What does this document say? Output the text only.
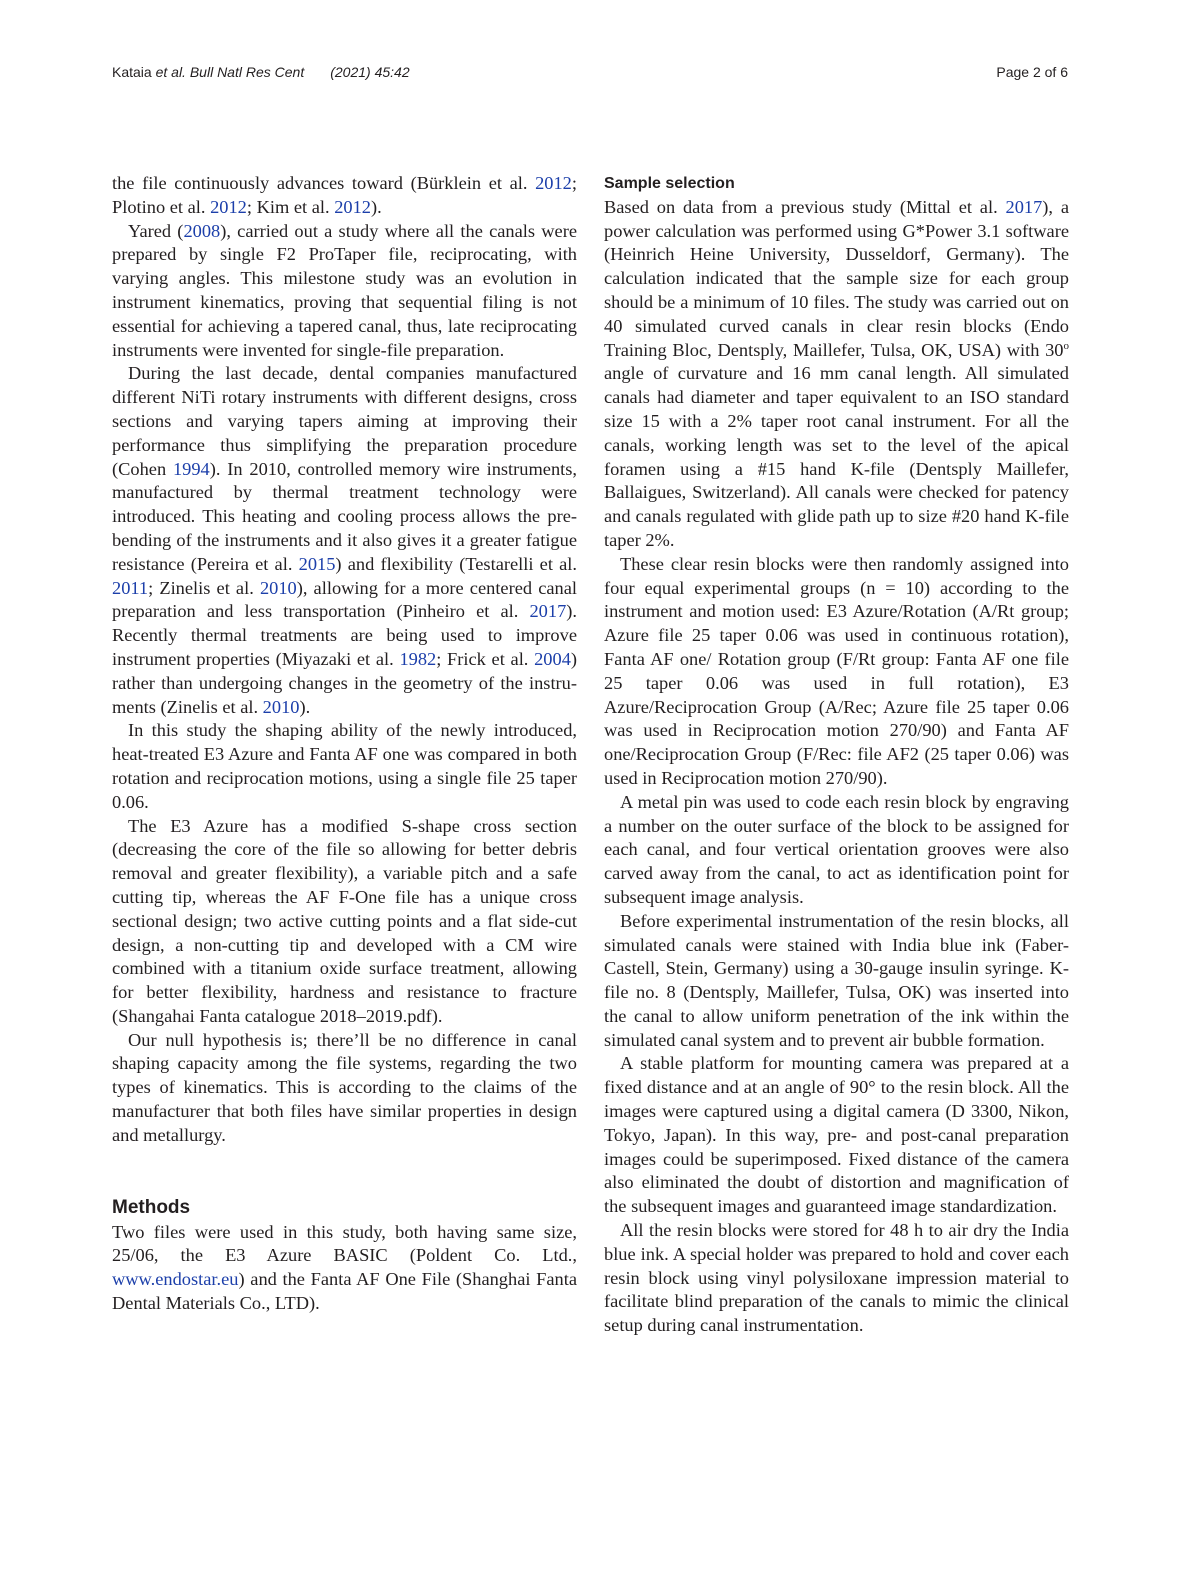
Kataia et al. Bull Natl Res Cent (2021) 45:42	Page 2 of 6

the file continuously advances toward (Bürklein et al. 2012; Plotino et al. 2012; Kim et al. 2012).

Yared (2008), carried out a study where all the canals were prepared by single F2 ProTaper file, reciprocating, with varying angles. This milestone study was an evolution in instrument kinematics, proving that sequential filing is not essential for achieving a tapered canal, thus, late reciprocating instruments were invented for single-file preparation.

During the last decade, dental companies manufactured different NiTi rotary instruments with different designs, cross sections and varying tapers aiming at improving their performance thus simplifying the preparation procedure (Cohen 1994). In 2010, controlled memory wire instruments, manufactured by thermal treatment technology were introduced. This heating and cooling process allows the pre-bending of the instruments and it also gives it a greater fatigue resistance (Pereira et al. 2015) and flexibility (Testarelli et al. 2011; Zinelis et al. 2010), allowing for a more centered canal preparation and less transportation (Pinheiro et al. 2017). Recently thermal treatments are being used to improve instrument properties (Miyazaki et al. 1982; Frick et al. 2004) rather than undergoing changes in the geometry of the instruments (Zinelis et al. 2010).

In this study the shaping ability of the newly introduced, heat-treated E3 Azure and Fanta AF one was compared in both rotation and reciprocation motions, using a single file 25 taper 0.06.

The E3 Azure has a modified S-shape cross section (decreasing the core of the file so allowing for better debris removal and greater flexibility), a variable pitch and a safe cutting tip, whereas the AF F-One file has a unique cross sectional design; two active cutting points and a flat side-cut design, a non-cutting tip and developed with a CM wire combined with a titanium oxide surface treatment, allowing for better flexibility, hardness and resistance to fracture (Shangahai Fanta catalogue 2018–2019.pdf).

Our null hypothesis is; there’ll be no difference in canal shaping capacity among the file systems, regarding the two types of kinematics. This is according to the claims of the manufacturer that both files have similar properties in design and metallurgy.

Methods

Two files were used in this study, both having same size, 25/06, the E3 Azure BASIC (Poldent Co. Ltd., www.endostar.eu) and the Fanta AF One File (Shanghai Fanta Dental Materials Co., LTD).

Sample selection

Based on data from a previous study (Mittal et al. 2017), a power calculation was performed using G*Power 3.1 software (Heinrich Heine University, Dusseldorf, Germany). The calculation indicated that the sample size for each group should be a minimum of 10 files. The study was carried out on 40 simulated curved canals in clear resin blocks (Endo Training Bloc, Dentsply, Maillefer, Tulsa, OK, USA) with 30$^o$ angle of curvature and 16 mm canal length. All simulated canals had diameter and taper equivalent to an ISO standard size 15 with a 2% taper root canal instrument. For all the canals, working length was set to the level of the apical foramen using a #15 hand K-file (Dentsply Maillefer, Ballaigues, Switzerland). All canals were checked for patency and canals regulated with glide path up to size #20 hand K-file taper 2%.

These clear resin blocks were then randomly assigned into four equal experimental groups (n = 10) according to the instrument and motion used: E3 Azure/Rotation (A/Rt group; Azure file 25 taper 0.06 was used in continuous rotation), Fanta AF one/ Rotation group (F/Rt group: Fanta AF one file 25 taper 0.06 was used in full rotation), E3 Azure/Reciprocation Group (A/Rec; Azure file 25 taper 0.06 was used in Reciprocation motion 270/90) and Fanta AF one/Reciprocation Group (F/Rec: file AF2 (25 taper 0.06) was used in Reciprocation motion 270/90).

A metal pin was used to code each resin block by engraving a number on the outer surface of the block to be assigned for each canal, and four vertical orientation grooves were also carved away from the canal, to act as identification point for subsequent image analysis.

Before experimental instrumentation of the resin blocks, all simulated canals were stained with India blue ink (Faber-Castell, Stein, Germany) using a 30-gauge insulin syringe. K-file no. 8 (Dentsply, Maillefer, Tulsa, OK) was inserted into the canal to allow uniform penetration of the ink within the simulated canal system and to prevent air bubble formation.

A stable platform for mounting camera was prepared at a fixed distance and at an angle of 90° to the resin block. All the images were captured using a digital camera (D 3300, Nikon, Tokyo, Japan). In this way, pre- and post-canal preparation images could be superimposed. Fixed distance of the camera also eliminated the doubt of distortion and magnification of the subsequent images and guaranteed image standardization.

All the resin blocks were stored for 48 h to air dry the India blue ink. A special holder was prepared to hold and cover each resin block using vinyl polysiloxane impression material to facilitate blind preparation of the canals to mimic the clinical setup during canal instrumentation.
